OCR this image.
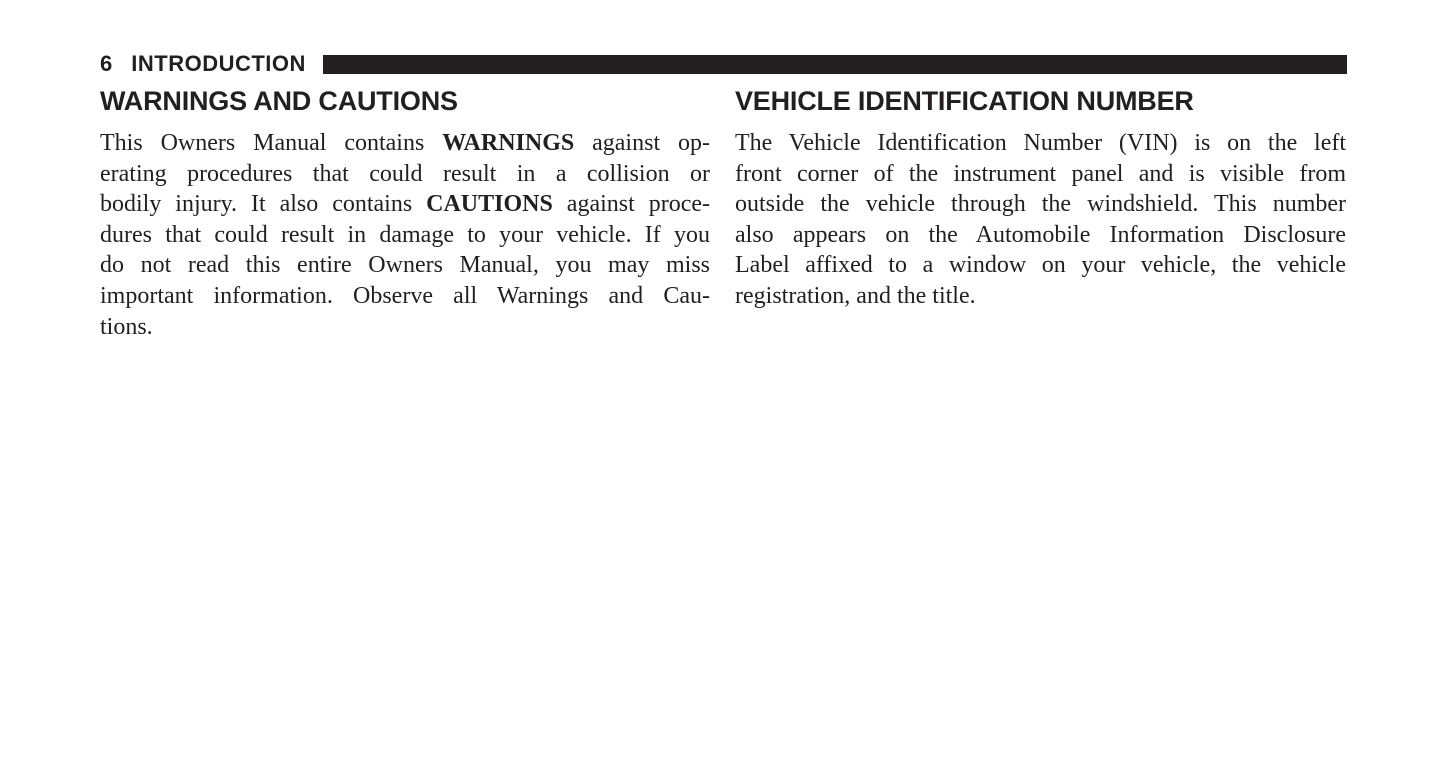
6 INTRODUCTION
WARNINGS AND CAUTIONS
This Owners Manual contains WARNINGS against op-
erating procedures that could result in a collision or
bodily injury. It also contains CAUTIONS against proce-
dures that could result in damage to your vehicle. If you
do not read this entire Owners Manual, you may miss
important information. Observe all Warnings and Cau-
tions.
VEHICLE IDENTIFICATION NUMBER
The Vehicle Identification Number (VIN) is on the left
front corner of the instrument panel and is visible from
outside the vehicle through the windshield. This number
also appears on the Automobile Information Disclosure
Label affixed to a window on your vehicle, the vehicle
registration, and the title.
